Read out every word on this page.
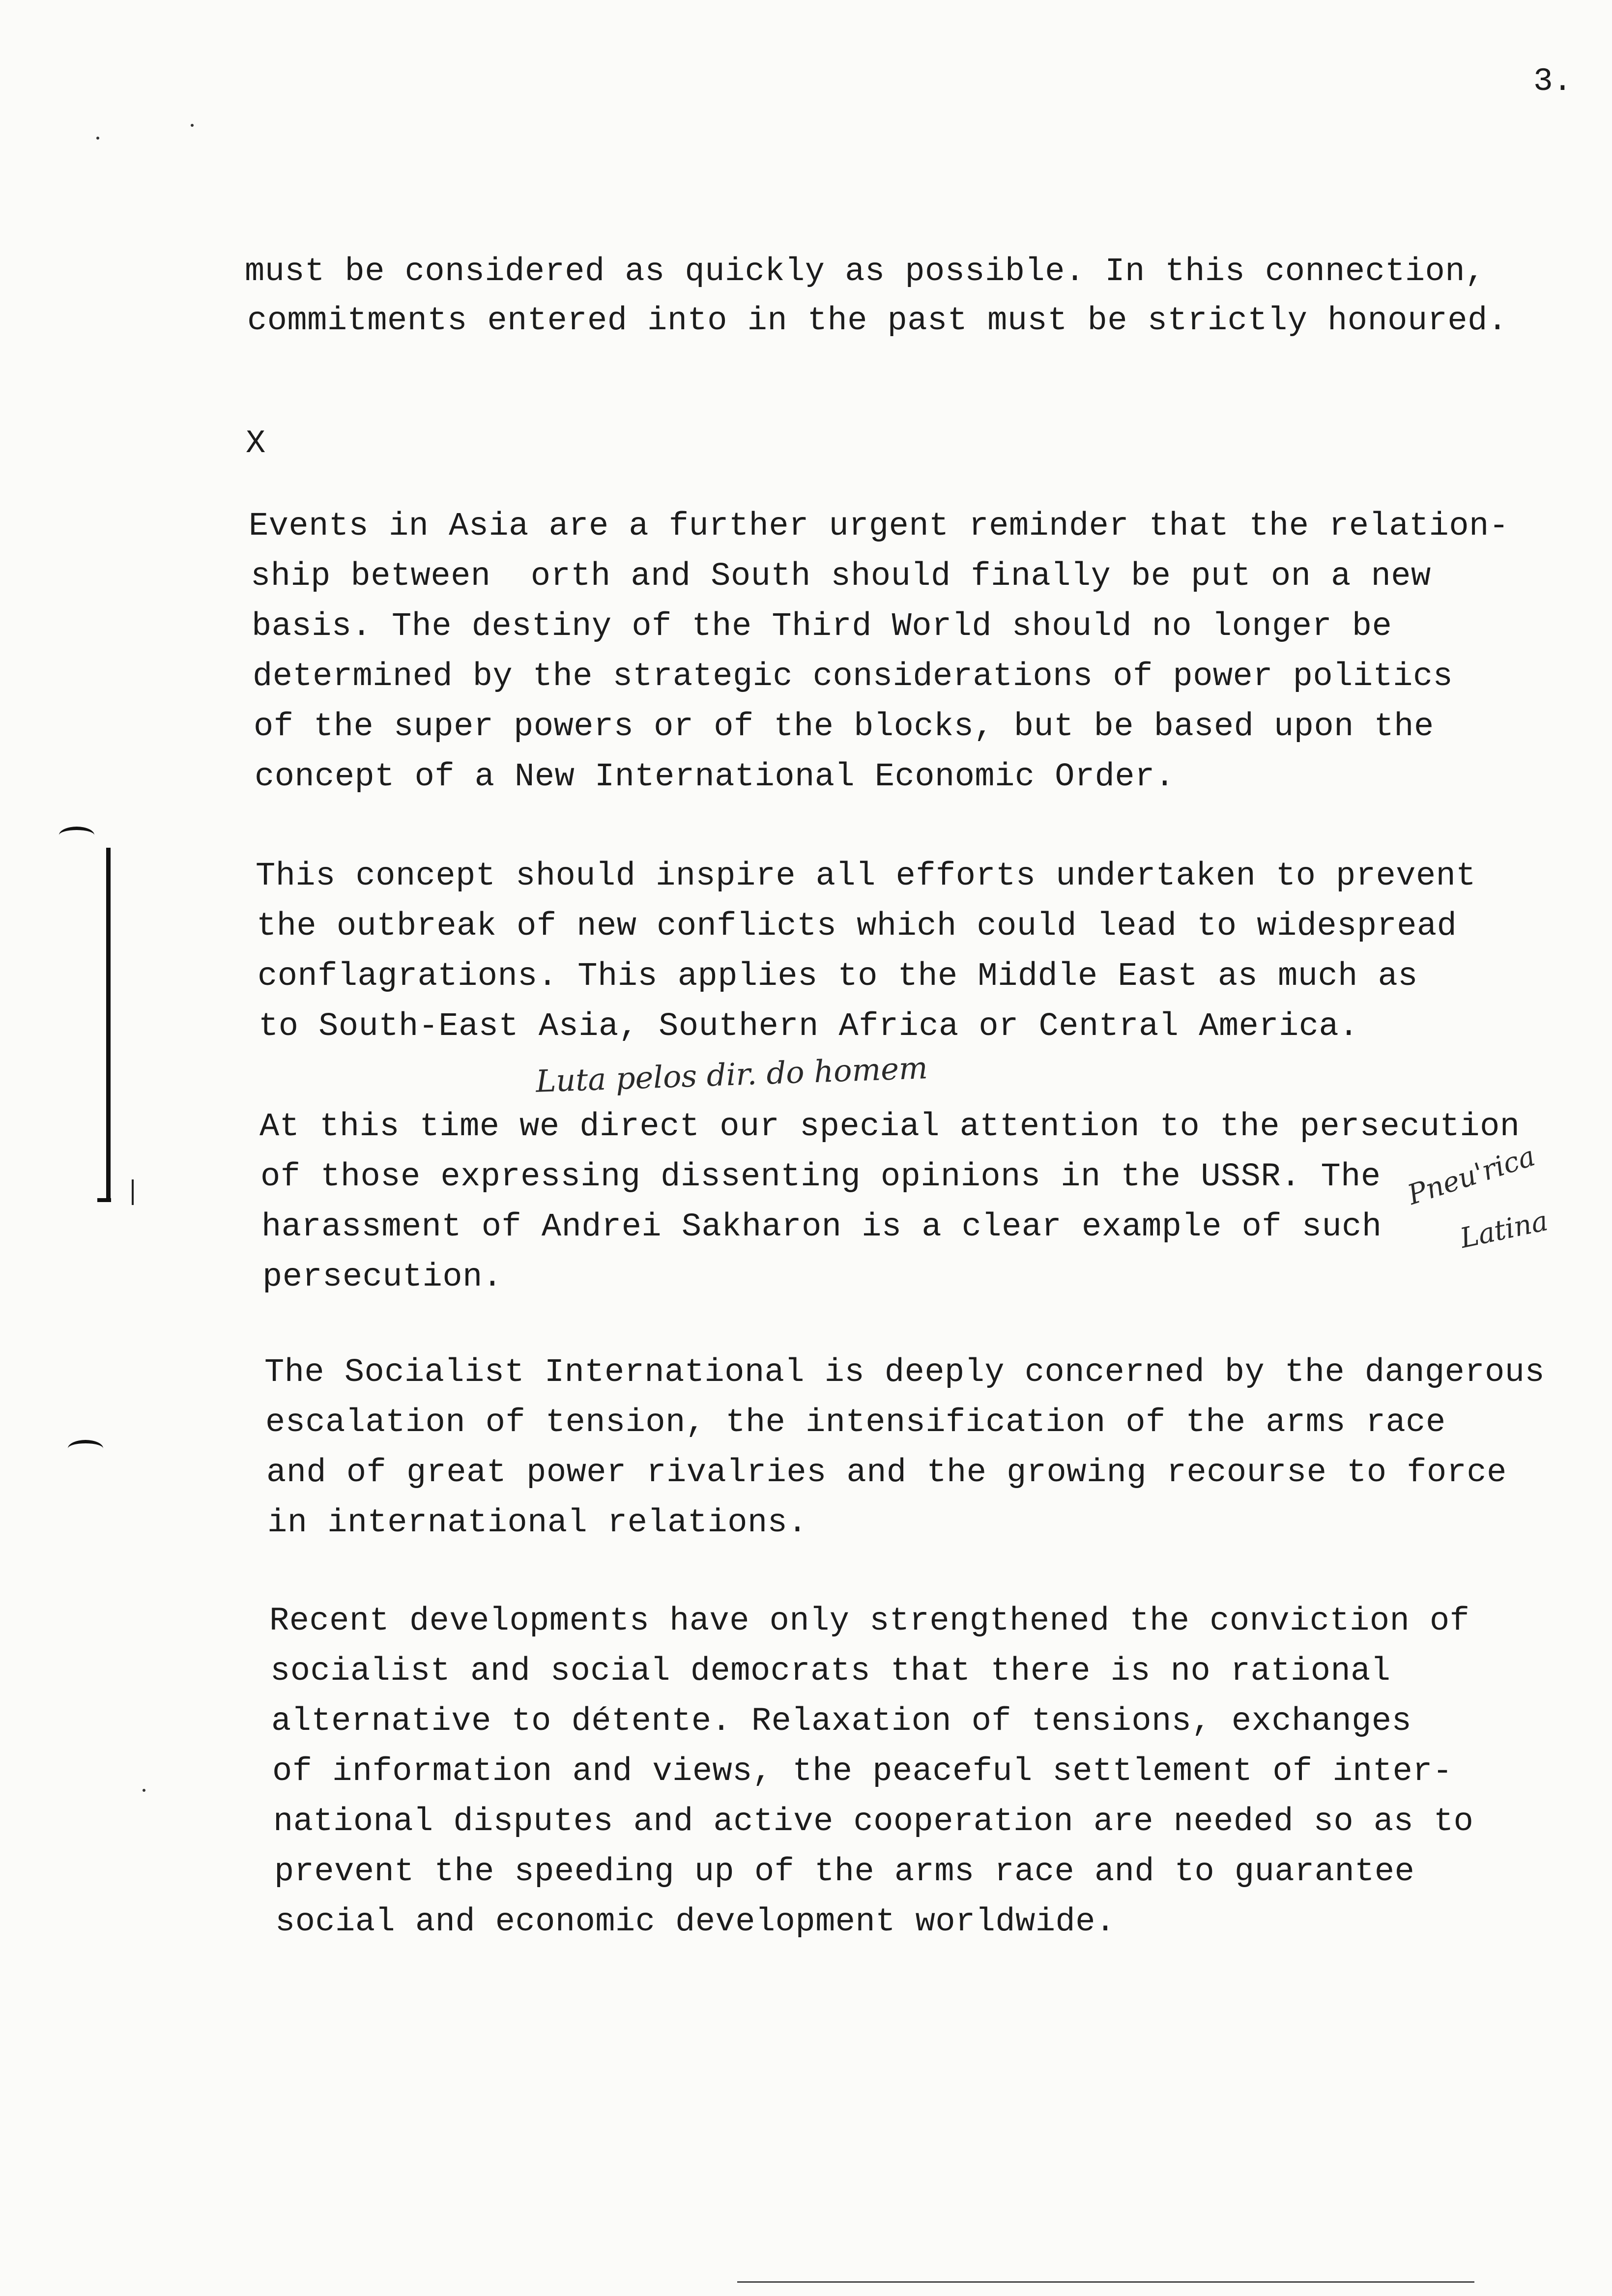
3.
X
must be considered as quickly as possible. In this connection,
commitments entered into in the past must be strictly honoured.
Events in Asia are a further urgent reminder that the relation-
ship between  orth and South should finally be put on a new
basis. The destiny of the Third World should no longer be
determined by the strategic considerations of power politics
of the super powers or of the blocks, but be based upon the
concept of a New International Economic Order.
This concept should inspire all efforts undertaken to prevent
the outbreak of new conflicts which could lead to widespread
conflagrations. This applies to the Middle East as much as
to South-East Asia, Southern Africa or Central America.
Luta pelos dir. do homem
At this time we direct our special attention to the persecution
of those expressing dissenting opinions in the USSR. The
harassment of Andrei Sakharon is a clear example of such
persecution.
Pneu'rica
Latina
The Socialist International is deeply concerned by the dangerous
escalation of tension, the intensification of the arms race
and of great power rivalries and the growing recourse to force
in international relations.
Recent developments have only strengthened the conviction of
socialist and social democrats that there is no rational
alternative to détente. Relaxation of tensions, exchanges
of information and views, the peaceful settlement of inter-
national disputes and active cooperation are needed so as to
prevent the speeding up of the arms race and to guarantee
social and economic development worldwide.
